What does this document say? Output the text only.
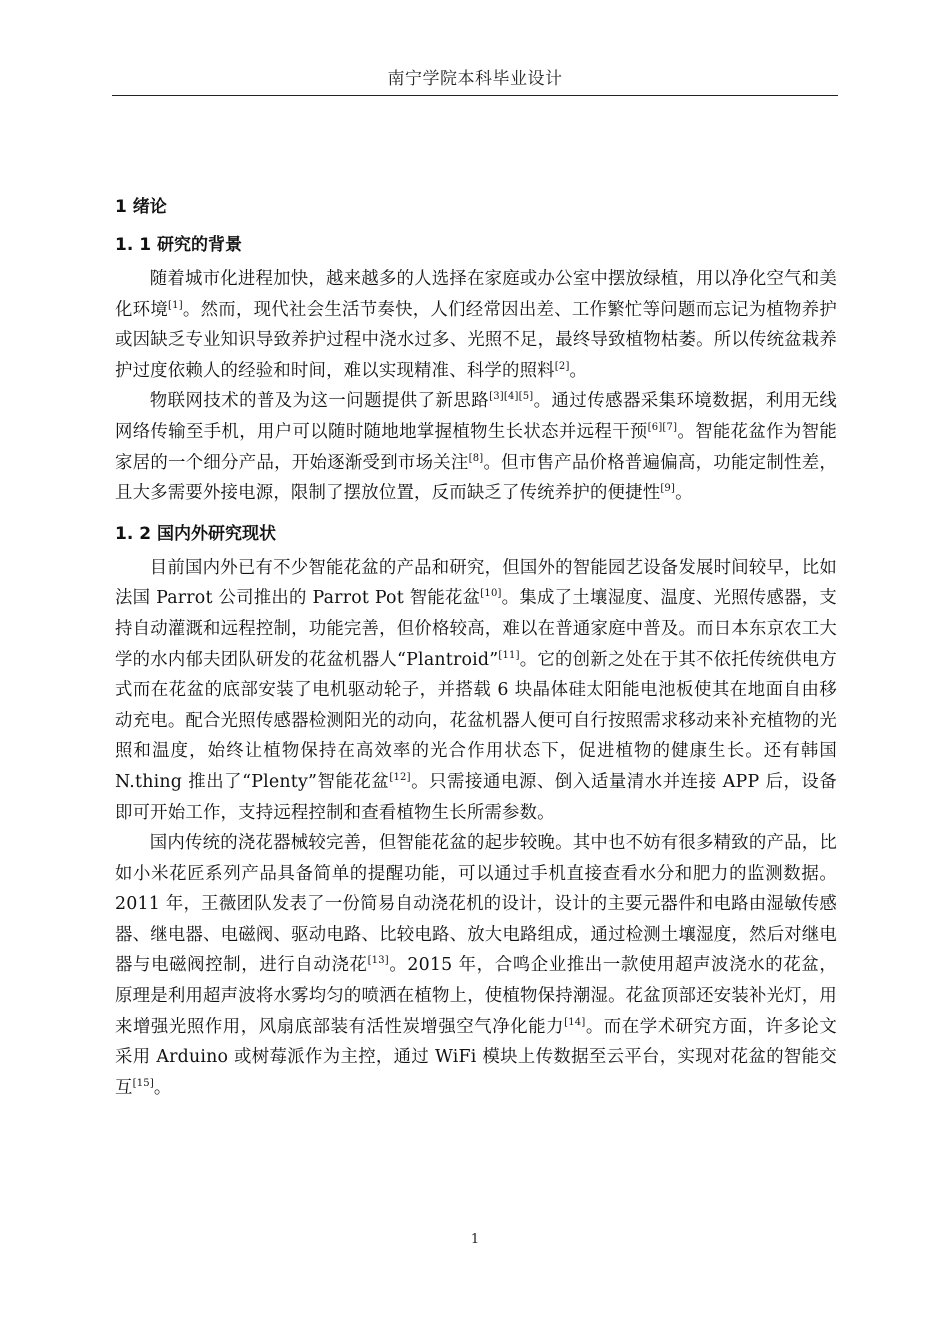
南宁学院本科毕业设计
1 绪论
1. 1 研究的背景

随着城市化进程加快，越来越多的人选择在家庭或办公室中摆放绿植，用以净化空气和美化环境[1]。然而，现代社会生活节奏快，人们经常因出差、工作繁忙等问题而忘记为植物养护或因缺乏专业知识导致养护过程中浇水过多、光照不足，最终导致植物枯萎。所以传统盆栽养护过度依赖人的经验和时间，难以实现精准、科学的照料[2]。

物联网技术的普及为这一问题提供了新思路[3][4][5]。通过传感器采集环境数据，利用无线网络传输至手机，用户可以随时随地地掌握植物生长状态并远程干预[6][7]。智能花盆作为智能家居的一个细分产品，开始逐渐受到市场关注[8]。但市售产品价格普遍偏高，功能定制性差，且大多需要外接电源，限制了摆放位置，反而缺乏了传统养护的便捷性[9]。

1. 2 国内外研究现状

目前国内外已有不少智能花盆的产品和研究，但国外的智能园艺设备发展时间较早，比如法国 Parrot 公司推出的 Parrot Pot 智能花盆[10]。集成了土壤湿度、温度、光照传感器，支持自动灌溉和远程控制，功能完善，但价格较高，难以在普通家庭中普及。而日本东京农工大学的水内郁夫团队研发的花盆机器人“Plantroid”[11]。它的创新之处在于其不依托传统供电方式而在花盆的底部安装了电机驱动轮子，并搭载 6 块晶体硅太阳能电池板使其在地面自由移动充电。配合光照传感器检测阳光的动向，花盆机器人便可自行按照需求移动来补充植物的光照和温度，始终让植物保持在高效率的光合作用状态下，促进植物的健康生长。还有韩国 N.thing 推出了“Plenty”智能花盆[12]。只需接通电源、倒入适量清水并连接 APP 后，设备即可开始工作，支持远程控制和查看植物生长所需参数。

国内传统的浇花器械较完善，但智能花盆的起步较晚。其中也不妨有很多精致的产品，比如小米花匠系列产品具备简单的提醒功能，可以通过手机直接查看水分和肥力的监测数据。2011 年，王薇团队发表了一份简易自动浇花机的设计，设计的主要元器件和电路由湿敏传感器、继电器、电磁阀、驱动电路、比较电路、放大电路组成，通过检测土壤湿度，然后对继电器与电磁阀控制，进行自动浇花[13]。2015 年，合鸣企业推出一款使用超声波浇水的花盆，原理是利用超声波将水雾均匀的喷洒在植物上，使植物保持潮湿。花盆顶部还安装补光灯，用来增强光照作用，风扇底部装有活性炭增强空气净化能力[14]。而在学术研究方面，许多论文采用 Arduino 或树莓派作为主控，通过 WiFi 模块上传数据至云平台，实现对花盆的智能交互[15]。

1
